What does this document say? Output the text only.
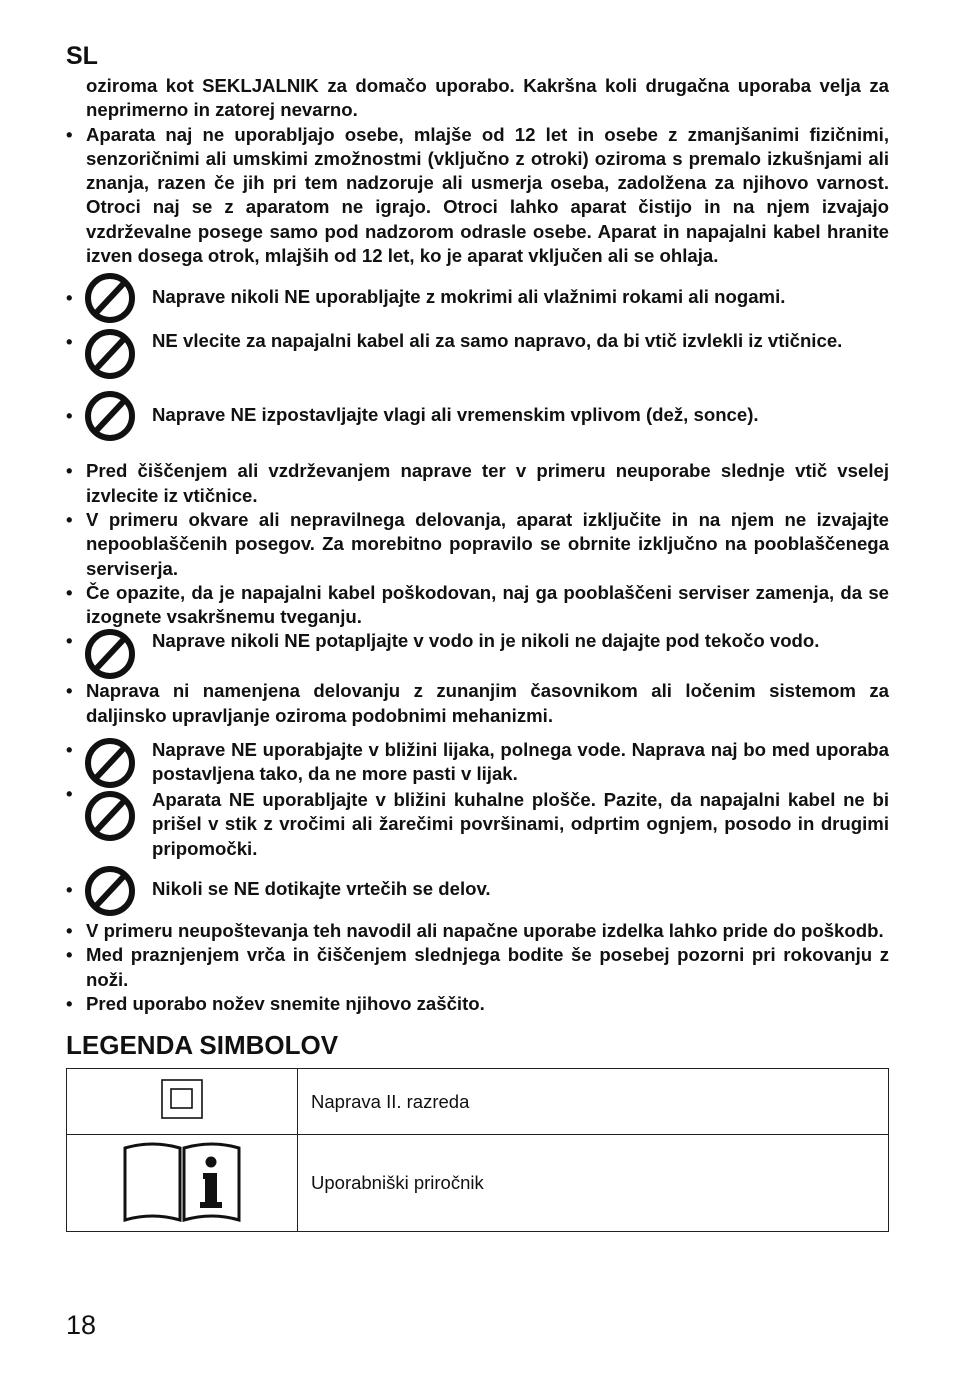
SL
oziroma kot SEKLJALNIK za domačo uporabo. Kakršna koli drugačna uporaba velja za neprimerno in zatorej nevarno.
• Aparata naj ne uporabljajo osebe, mlajše od 12 let in osebe z zmanjšanimi fizičnimi, senzoričnimi ali umskimi zmožnostmi (vključno z otroki) oziroma s premalo izkušnjami ali znanja, razen če jih pri tem nadzoruje ali usmerja oseba, zadolžena za njihovo varnost. Otroci naj se z aparatom ne igrajo. Otroci lahko aparat čistijo in na njem izvajajo vzdrževalne posege samo pod nadzorom odrasle osebe. Aparat in napajalni kabel hranite izven dosega otrok, mlajših od 12 let, ko je aparat vključen ali se ohlaja.
•	Naprave nikoli NE uporabljajte z mokrimi ali vlažnimi rokami ali nogami.
•	NE vlecite za napajalni kabel ali za samo napravo, da bi vtič izvlekli iz vtičnice.
•	Naprave NE izpostavljajte vlagi ali vremenskim vplivom (dež, sonce).
• Pred čiščenjem ali vzdrževanjem naprave ter v primeru neuporabe slednje vtič vselej izvlecite iz vtičnice.
• V primeru okvare ali nepravilnega delovanja, aparat izključite in na njem ne izvajajte nepooblaščenih posegov. Za morebitno popravilo se obrnite izključno na pooblaščenega serviserja.
• Če opazite, da je napajalni kabel poškodovan, naj ga pooblaščeni serviser zamenja, da se izognete vsakršnemu tveganju.
•	Naprave nikoli NE potapljajte v vodo in je nikoli ne dajajte pod tekočo vodo.
• Naprava ni namenjena delovanju z zunanjim časovnikom ali ločenim sistemom za daljinsko upravljanje oziroma podobnimi mehanizmi.
•	Naprave NE uporabjajte v bližini lijaka, polnega vode. Naprava naj bo med uporaba postavljena tako, da ne more pasti v lijak.
•	Aparata NE uporabljajte v bližini kuhalne plošče. Pazite, da napajalni kabel ne bi prišel v stik z vročimi ali žarečimi površinami, odprtim ognjem, posodo in drugimi pripomočki.
•	Nikoli se NE dotikajte vrtečih se delov.
• V primeru neupoštevanja teh navodil ali napačne uporabe izdelka lahko pride do poškodb.
• Med praznjenjem vrča in čiščenjem slednjega bodite še posebej pozorni pri rokovanju z noži.
• Pred uporabo nožev snemite njihovo zaščito.
LEGENDA SIMBOLOV
	Naprava II. razreda
	Uporabniški priročnik
18
